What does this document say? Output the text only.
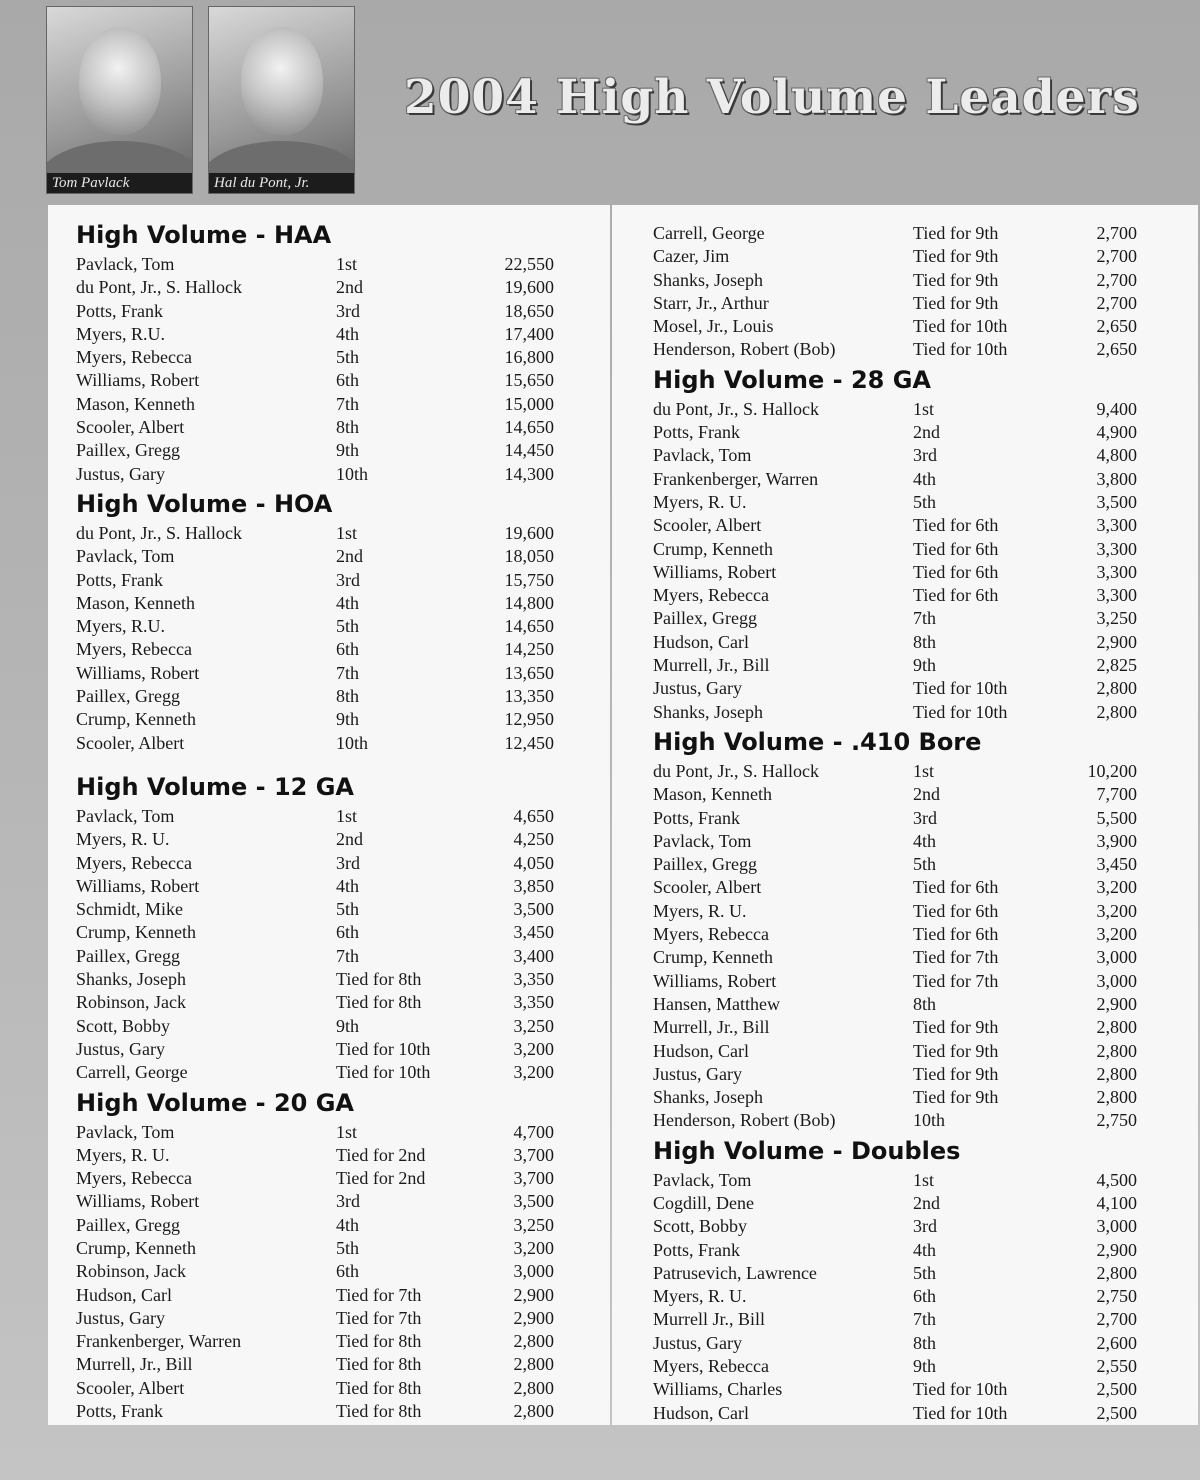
Tom Pavlack	Hal du Pont, Jr.
2004 High Volume Leaders
High Volume - HAA
Pavlack, Tom	1st	22,550
du Pont, Jr., S. Hallock	2nd	19,600
Potts, Frank	3rd	18,650
Myers, R.U.	4th	17,400
Myers, Rebecca	5th	16,800
Williams, Robert	6th	15,650
Mason, Kenneth	7th	15,000
Scooler, Albert	8th	14,650
Paillex, Gregg	9th	14,450
Justus, Gary	10th	14,300
High Volume - HOA
du Pont, Jr., S. Hallock	1st	19,600
Pavlack, Tom	2nd	18,050
Potts, Frank	3rd	15,750
Mason, Kenneth	4th	14,800
Myers, R.U.	5th	14,650
Myers, Rebecca	6th	14,250
Williams, Robert	7th	13,650
Paillex, Gregg	8th	13,350
Crump, Kenneth	9th	12,950
Scooler, Albert	10th	12,450
High Volume - 12 GA
Pavlack, Tom	1st	4,650
Myers, R. U.	2nd	4,250
Myers, Rebecca	3rd	4,050
Williams, Robert	4th	3,850
Schmidt, Mike	5th	3,500
Crump, Kenneth	6th	3,450
Paillex, Gregg	7th	3,400
Shanks, Joseph	Tied for 8th	3,350
Robinson, Jack	Tied for 8th	3,350
Scott, Bobby	9th	3,250
Justus, Gary	Tied for 10th	3,200
Carrell, George	Tied for 10th	3,200
High Volume - 20 GA
Pavlack, Tom	1st	4,700
Myers, R. U.	Tied for 2nd	3,700
Myers, Rebecca	Tied for 2nd	3,700
Williams, Robert	3rd	3,500
Paillex, Gregg	4th	3,250
Crump, Kenneth	5th	3,200
Robinson, Jack	6th	3,000
Hudson, Carl	Tied for 7th	2,900
Justus, Gary	Tied for 7th	2,900
Frankenberger, Warren	Tied for 8th	2,800
Murrell, Jr., Bill	Tied for 8th	2,800
Scooler, Albert	Tied for 8th	2,800
Potts, Frank	Tied for 8th	2,800
Carrell, George	Tied for 9th	2,700
Cazer, Jim	Tied for 9th	2,700
Shanks, Joseph	Tied for 9th	2,700
Starr, Jr., Arthur	Tied for 9th	2,700
Mosel, Jr., Louis	Tied for 10th	2,650
Henderson, Robert (Bob)	Tied for 10th	2,650
High Volume - 28 GA
du Pont, Jr., S. Hallock	1st	9,400
Potts, Frank	2nd	4,900
Pavlack, Tom	3rd	4,800
Frankenberger, Warren	4th	3,800
Myers, R. U.	5th	3,500
Scooler, Albert	Tied for 6th	3,300
Crump, Kenneth	Tied for 6th	3,300
Williams, Robert	Tied for 6th	3,300
Myers, Rebecca	Tied for 6th	3,300
Paillex, Gregg	7th	3,250
Hudson, Carl	8th	2,900
Murrell, Jr., Bill	9th	2,825
Justus, Gary	Tied for 10th	2,800
Shanks, Joseph	Tied for 10th	2,800
High Volume - .410 Bore
du Pont, Jr., S. Hallock	1st	10,200
Mason, Kenneth	2nd	7,700
Potts, Frank	3rd	5,500
Pavlack, Tom	4th	3,900
Paillex, Gregg	5th	3,450
Scooler, Albert	Tied for 6th	3,200
Myers, R. U.	Tied for 6th	3,200
Myers, Rebecca	Tied for 6th	3,200
Crump, Kenneth	Tied for 7th	3,000
Williams, Robert	Tied for 7th	3,000
Hansen, Matthew	8th	2,900
Murrell, Jr., Bill	Tied for 9th	2,800
Hudson, Carl	Tied for 9th	2,800
Justus, Gary	Tied for 9th	2,800
Shanks, Joseph	Tied for 9th	2,800
Henderson, Robert (Bob)	10th	2,750
High Volume - Doubles
Pavlack, Tom	1st	4,500
Cogdill, Dene	2nd	4,100
Scott, Bobby	3rd	3,000
Potts, Frank	4th	2,900
Patrusevich, Lawrence	5th	2,800
Myers, R. U.	6th	2,750
Murrell Jr., Bill	7th	2,700
Justus, Gary	8th	2,600
Myers, Rebecca	9th	2,550
Williams, Charles	Tied for 10th	2,500
Hudson, Carl	Tied for 10th	2,500
